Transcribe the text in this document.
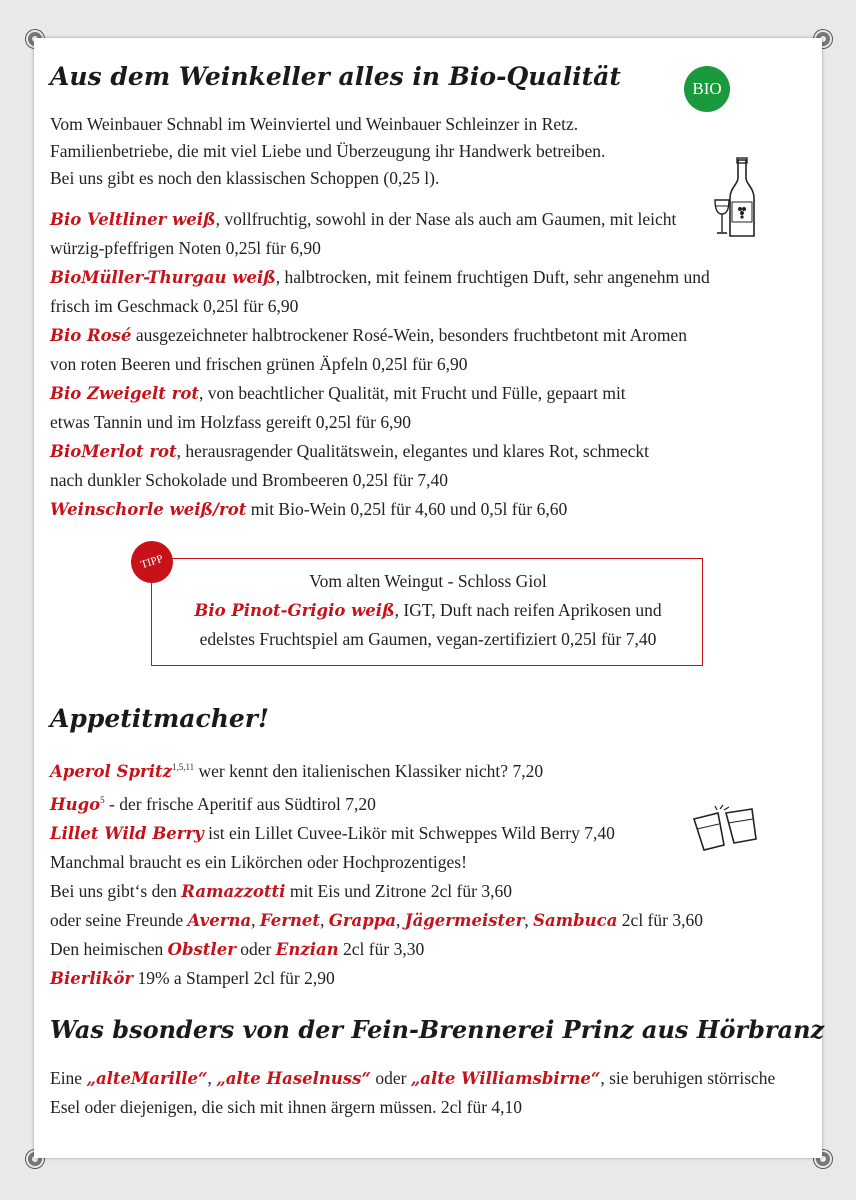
Aus dem Weinkeller alles in Bio-Qualität	BIO
Vom Weinbauer Schnabl im Weinviertel und Weinbauer Schleinzer in Retz.
Familienbetriebe, die mit viel Liebe und Überzeugung ihr Handwerk betreiben.
Bei uns gibt es noch den klassischen Schoppen (0,25 l).
Bio Veltliner weiß, vollfruchtig, sowohl in der Nase als auch am Gaumen, mit leicht
würzig-pfeffrigen Noten 0,25l für 6,90
BioMüller-Thurgau weiß, halbtrocken, mit feinem fruchtigen Duft, sehr angenehm und
frisch im Geschmack 0,25l für 6,90
Bio Rosé ausgezeichneter halbtrockener Rosé-Wein, besonders fruchtbetont mit Aromen
von roten Beeren und frischen grünen Äpfeln 0,25l für 6,90
Bio Zweigelt rot, von beachtlicher Qualität, mit Frucht und Fülle, gepaart mit
etwas Tannin und im Holzfass gereift 0,25l für 6,90
BioMerlot rot, herausragender Qualitätswein, elegantes und klares Rot, schmeckt
nach dunkler Schokolade und Brombeeren 0,25l für 7,40
Weinschorle weiß/rot mit Bio-Wein 0,25l für 4,60 und 0,5l für 6,60
TIPP

Vom alten Weingut - Schloss Giol

Bio Pinot-Grigio weiß, IGT, Duft nach reifen Aprikosen und

edelstes Fruchtspiel am Gaumen, vegan-zertifiziert 0,25l für 7,40

Appetitmacher!
Aperol Spritz$^{1,5,11}$ wer kennt den italienischen Klassiker nicht? 7,20
Hugo$^5$ - der frische Aperitif aus Südtirol 7,20
Lillet Wild Berry ist ein Lillet Cuvee-Likör mit Schweppes Wild Berry 7,40
Manchmal braucht es ein Likörchen oder Hochprozentiges!
Bei uns gibt‘s den Ramazzotti mit Eis und Zitrone 2cl für 3,60
oder seine Freunde Averna, Fernet, Grappa, Jägermeister, Sambuca 2cl für 3,60
Den heimischen Obstler oder Enzian 2cl für 3,30
Bierlikör 19% a Stamperl 2cl für 2,90
Was bsonders von der Fein-Brennerei Prinz aus Hörbranz
Eine „alteMarille“, „alte Haselnuss“ oder „alte Williamsbirne“, sie beruhigen störrische
Esel oder diejenigen, die sich mit ihnen ärgern müssen. 2cl für 4,10
